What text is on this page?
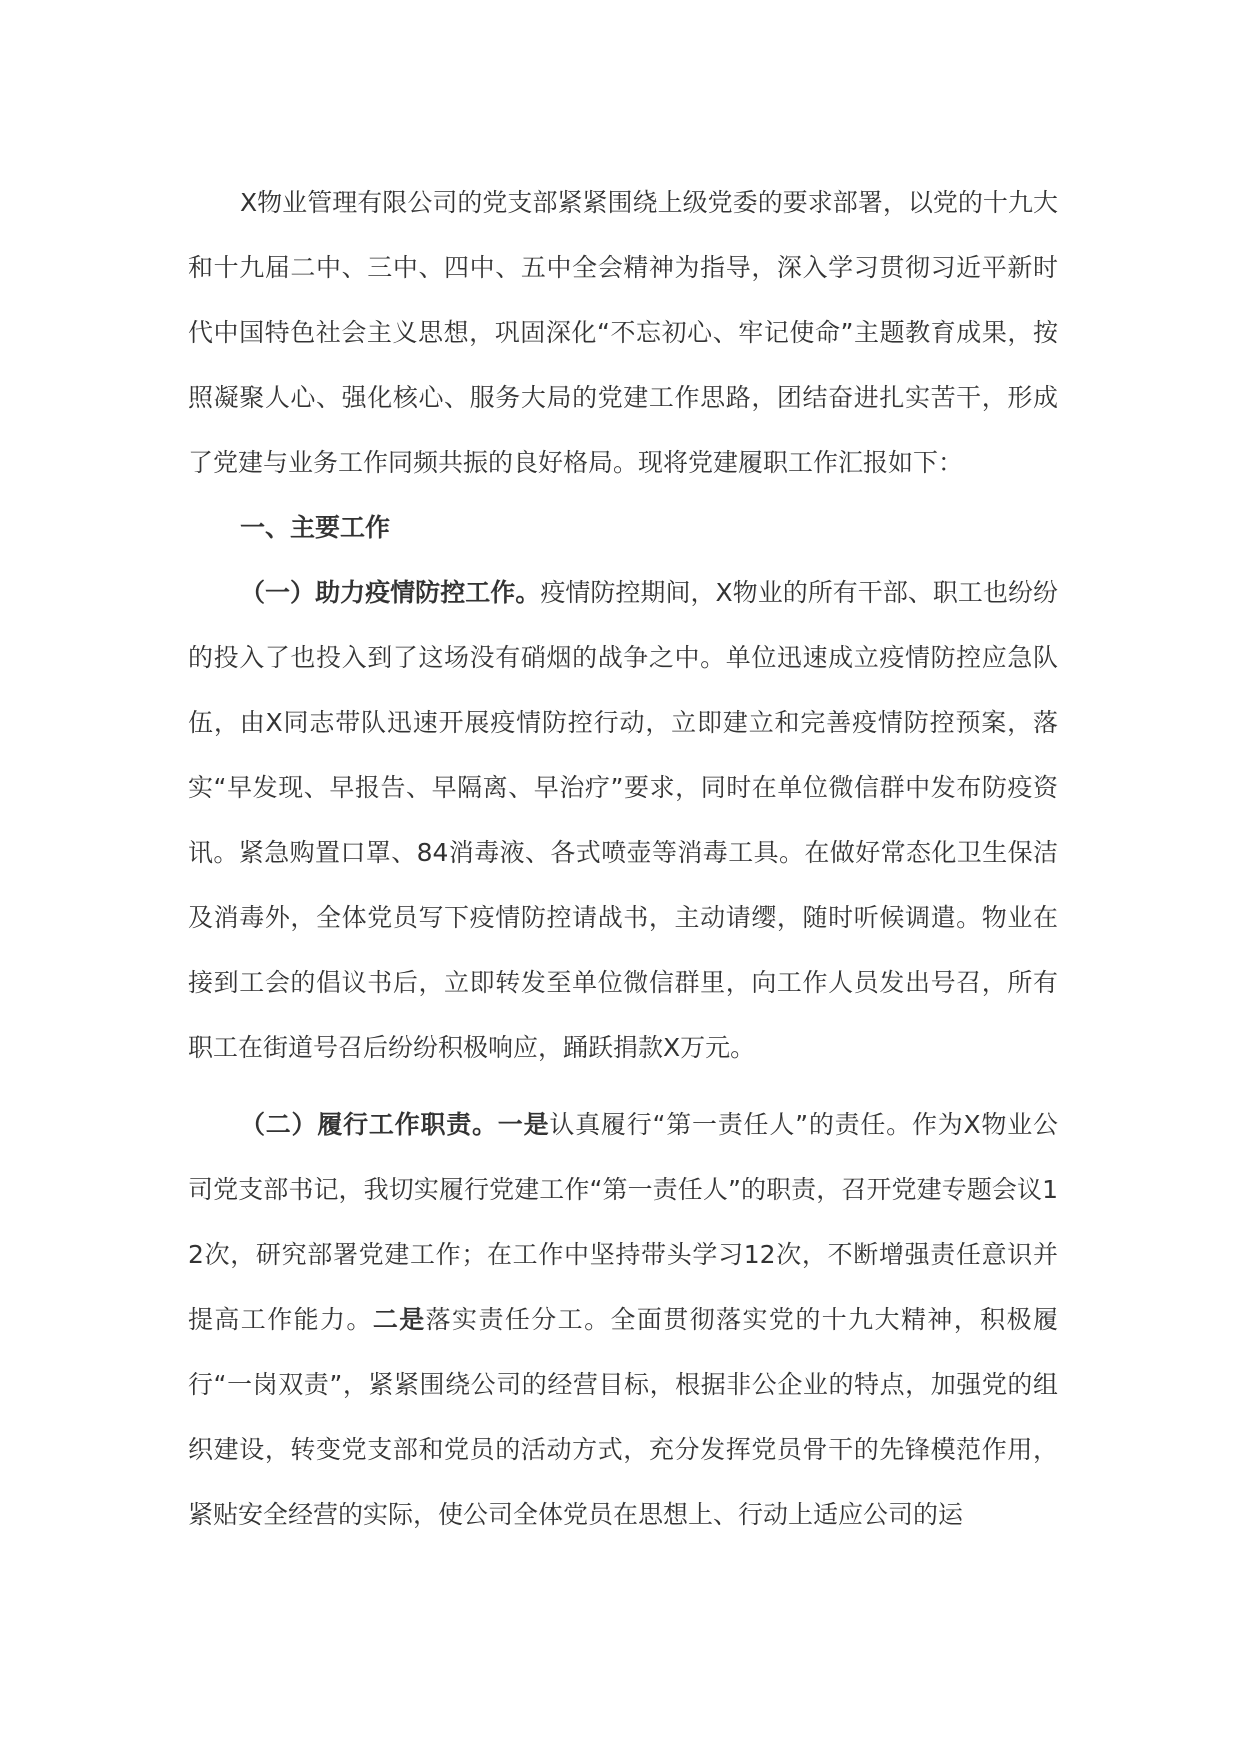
X物业管理有限公司的党支部紧紧围绕上级党委的要求部署，以党的十九大和十九届二中、三中、四中、五中全会精神为指导，深入学习贯彻习近平新时代中国特色社会主义思想，巩固深化“不忘初心、牢记使命”主题教育成果，按照凝聚人心、强化核心、服务大局的党建工作思路，团结奋进扎实苦干，形成了党建与业务工作同频共振的良好格局。现将党建履职工作汇报如下：

一、主要工作

（一）助力疫情防控工作。疫情防控期间，X物业的所有干部、职工也纷纷的投入了也投入到了这场没有硝烟的战争之中。单位迅速成立疫情防控应急队伍，由X同志带队迅速开展疫情防控行动，立即建立和完善疫情防控预案，落实“早发现、早报告、早隔离、早治疗”要求，同时在单位微信群中发布防疫资讯。紧急购置口罩、84消毒液、各式喷壶等消毒工具。在做好常态化卫生保洁及消毒外，全体党员写下疫情防控请战书，主动请缨，随时听候调遣。物业在接到工会的倡议书后，立即转发至单位微信群里，向工作人员发出号召，所有职工在街道号召后纷纷积极响应，踊跃捐款X万元。

（二）履行工作职责。一是认真履行“第一责任人”的责任。作为X物业公司党支部书记，我切实履行党建工作“第一责任人”的职责，召开党建专题会议12次，研究部署党建工作；在工作中坚持带头学习12次，不断增强责任意识并提高工作能力。二是落实责任分工。全面贯彻落实党的十九大精神，积极履行“一岗双责”，紧紧围绕公司的经营目标，根据非公企业的特点，加强党的组织建设，转变党支部和党员的活动方式，充分发挥党员骨干的先锋模范作用，紧贴安全经营的实际，使公司全体党员在思想上、行动上适应公司的运
